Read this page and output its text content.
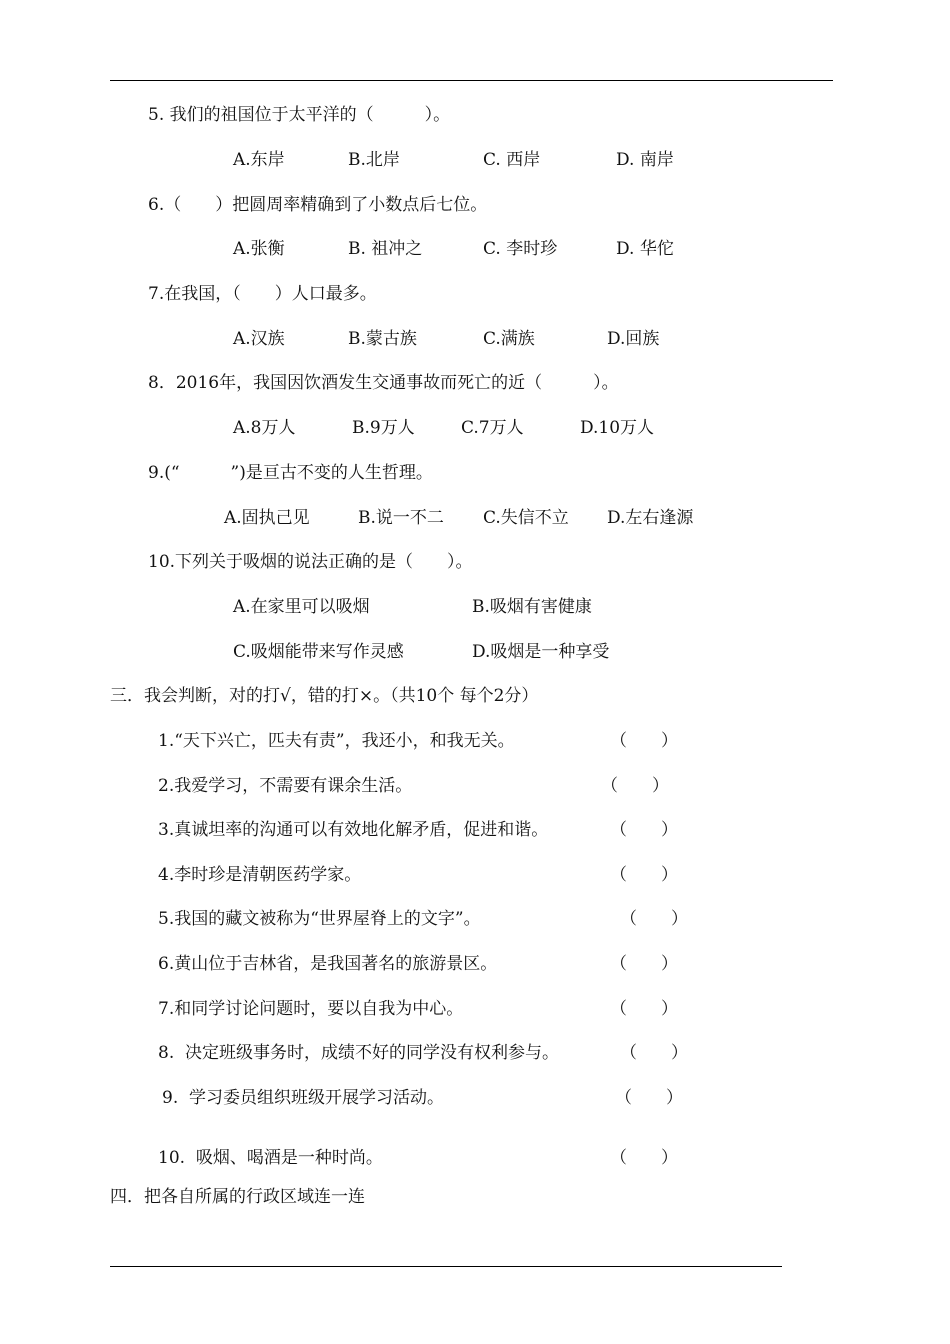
5. 我们的祖国位于太平洋的（　　　）。
A.东岸	B.北岸	C. 西岸	D. 南岸
6.（　　）把圆周率精确到了小数点后七位。
A.张衡	B. 祖冲之	C. 李时珍	D. 华佗
7.在我国，（　　）人口最多。
A.汉族	B.蒙古族	C.满族	D.回族
8．2016年，我国因饮酒发生交通事故而死亡的近（　　　）。
A.8万人	B.9万人	C.7万人	D.10万人
9.(“　　　”)是亘古不变的人生哲理。
A.固执己见	B.说一不二 C.失信不立 D.左右逢源
10.下列关于吸烟的说法正确的是（　　）。
A.在家里可以吸烟	B.吸烟有害健康
C.吸烟能带来写作灵感	D.吸烟是一种享受
三．我会判断，对的打√，错的打×。（共10个 每个2分）
1.“天下兴亡，匹夫有责”，我还小，和我无关。	（　　）
2.我爱学习，不需要有课余生活。	（　　）
3.真诚坦率的沟通可以有效地化解矛盾，促进和谐。	（　　）
4.李时珍是清朝医药学家。	（　　）
5.我国的藏文被称为“世界屋脊上的文字”。	（　　）
6.黄山位于吉林省，是我国著名的旅游景区。	（　　）
7.和同学讨论问题时，要以自我为中心。	（　　）
8.  决定班级事务时，成绩不好的同学没有权利参与。	（　　）
9.  学习委员组织班级开展学习活动。	（　　）
10.  吸烟、喝酒是一种时尚。	（　　）
四．把各自所属的行政区域连一连
